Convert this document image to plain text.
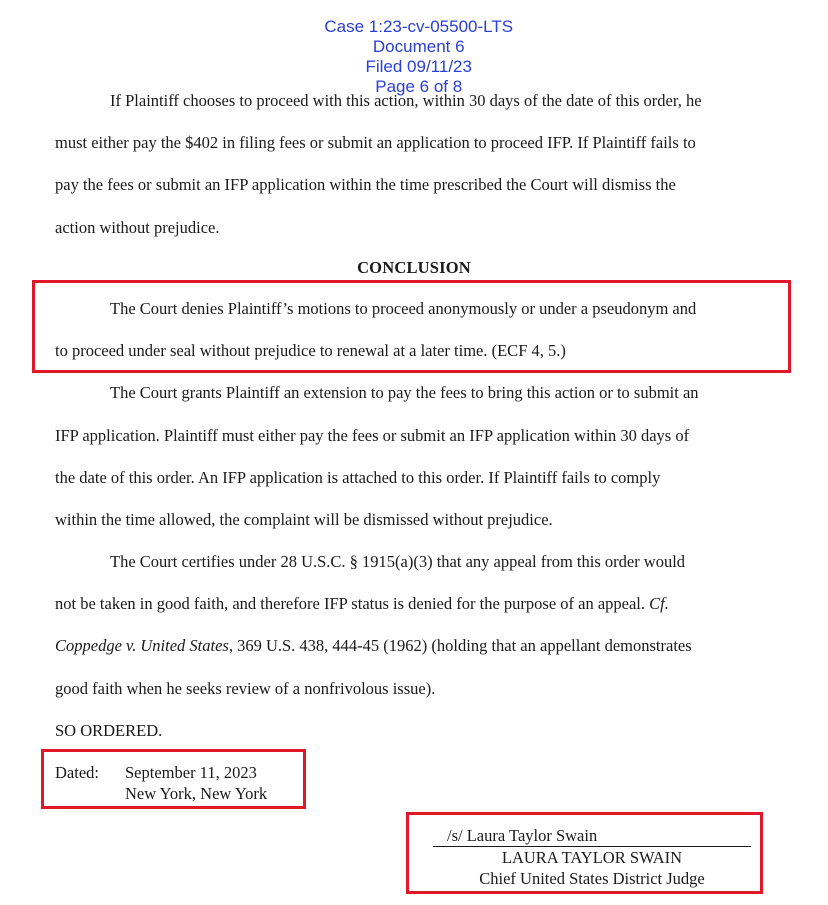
Case 1:23-cv-05500-LTS
Document 6
Filed 09/11/23
Page 6 of 8

If Plaintiff chooses to proceed with this action, within 30 days of the date of this order, he
must either pay the $402 in filing fees or submit an application to proceed IFP. If Plaintiff fails to
pay the fees or submit an IFP application within the time prescribed the Court will dismiss the
action without prejudice.
CONCLUSION
The Court denies Plaintiff’s motions to proceed anonymously or under a pseudonym and
to proceed under seal without prejudice to renewal at a later time. (ECF 4, 5.)
The Court grants Plaintiff an extension to pay the fees to bring this action or to submit an
IFP application. Plaintiff must either pay the fees or submit an IFP application within 30 days of
the date of this order. An IFP application is attached to this order. If Plaintiff fails to comply
within the time allowed, the complaint will be dismissed without prejudice.
The Court certifies under 28 U.S.C. § 1915(a)(3) that any appeal from this order would
not be taken in good faith, and therefore IFP status is denied for the purpose of an appeal. Cf.
Coppedge v. United States, 369 U.S. 438, 444-45 (1962) (holding that an appellant demonstrates
good faith when he seeks review of a nonfrivolous issue).
SO ORDERED.
Dated: September 11, 2023
New York, New York
/s/ Laura Taylor Swain
LAURA TAYLOR SWAIN
Chief United States District Judge
